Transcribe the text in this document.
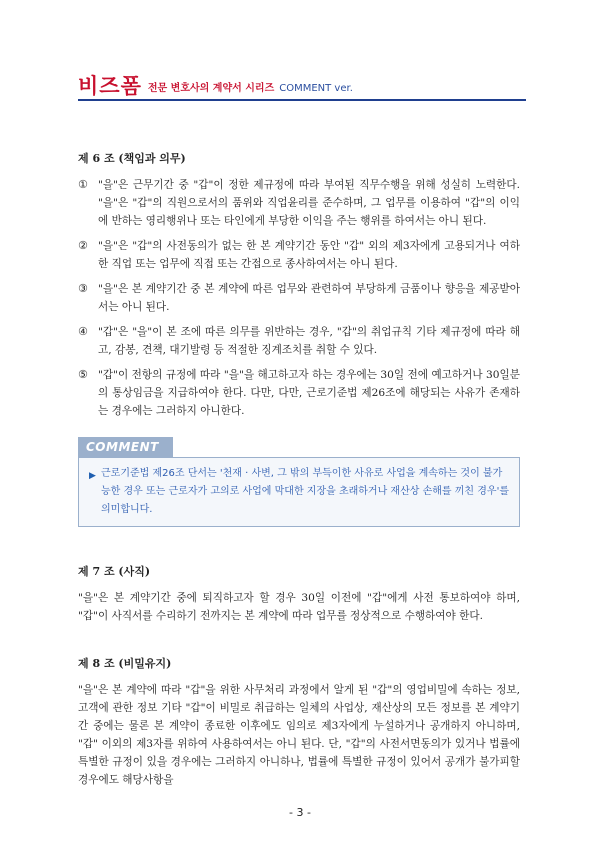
비즈폼 전문 변호사의 계약서 시리즈 COMMENT ver.
제 6 조 (책임과 의무)
① "을"은 근무기간 중 "갑"이 정한 제규정에 따라 부여된 직무수행을 위해 성실히 노력한다. "을"은 "갑"의 직원으로서의 품위와 직업윤리를 준수하며, 그 업무를 이용하여 "갑"의 이익에 반하는 영리행위나 또는 타인에게 부당한 이익을 주는 행위를 하여서는 아니 된다.
② "을"은 "갑"의 사전동의가 없는 한 본 계약기간 동안 "갑" 외의 제3자에게 고용되거나 여하한 직업 또는 업무에 직접 또는 간접으로 종사하여서는 아니 된다.
③ "을"은 본 계약기간 중 본 계약에 따른 업무와 관련하여 부당하게 금품이나 향응을 제공받아서는 아니 된다.
④ "갑"은 "을"이 본 조에 따른 의무를 위반하는 경우, "갑"의 취업규칙 기타 제규정에 따라 해고, 감봉, 견책, 대기발령 등 적절한 징계조치를 취할 수 있다.
⑤ "갑"이 전항의 규정에 따라 "을"을 해고하고자 하는 경우에는 30일 전에 예고하거나 30일분의 통상임금을 지급하여야 한다. 다만, 다만, 근로기준법 제26조에 해당되는 사유가 존재하는 경우에는 그러하지 아니한다.
COMMENT
▶ 근로기준법 제26조 단서는 '천재 · 사변, 그 밖의 부득이한 사유로 사업을 계속하는 것이 불가능한 경우 또는 근로자가 고의로 사업에 막대한 지장을 초래하거나 재산상 손해를 끼친 경우'를 의미합니다.
제 7 조 (사직)
"을"은 본 계약기간 중에 퇴직하고자 할 경우 30일 이전에 "갑"에게 사전 통보하여야 하며, "갑"이 사직서를 수리하기 전까지는 본 계약에 따라 업무를 정상적으로 수행하여야 한다.
제 8 조 (비밀유지)
"을"은 본 계약에 따라 "갑"을 위한 사무처리 과정에서 알게 된 "갑"의 영업비밀에 속하는 정보, 고객에 관한 정보 기타 "갑"이 비밀로 취급하는 일체의 사업상, 재산상의 모든 정보를 본 계약기간 중에는 물론 본 계약이 종료한 이후에도 임의로 제3자에게 누설하거나 공개하지 아니하며, "갑" 이외의 제3자를 위하여 사용하여서는 아니 된다. 단, "갑"의 사전서면동의가 있거나 법률에 특별한 규정이 있을 경우에는 그러하지 아니하나, 법률에 특별한 규정이 있어서 공개가 불가피할 경우에도 해당사항을
- 3 -
